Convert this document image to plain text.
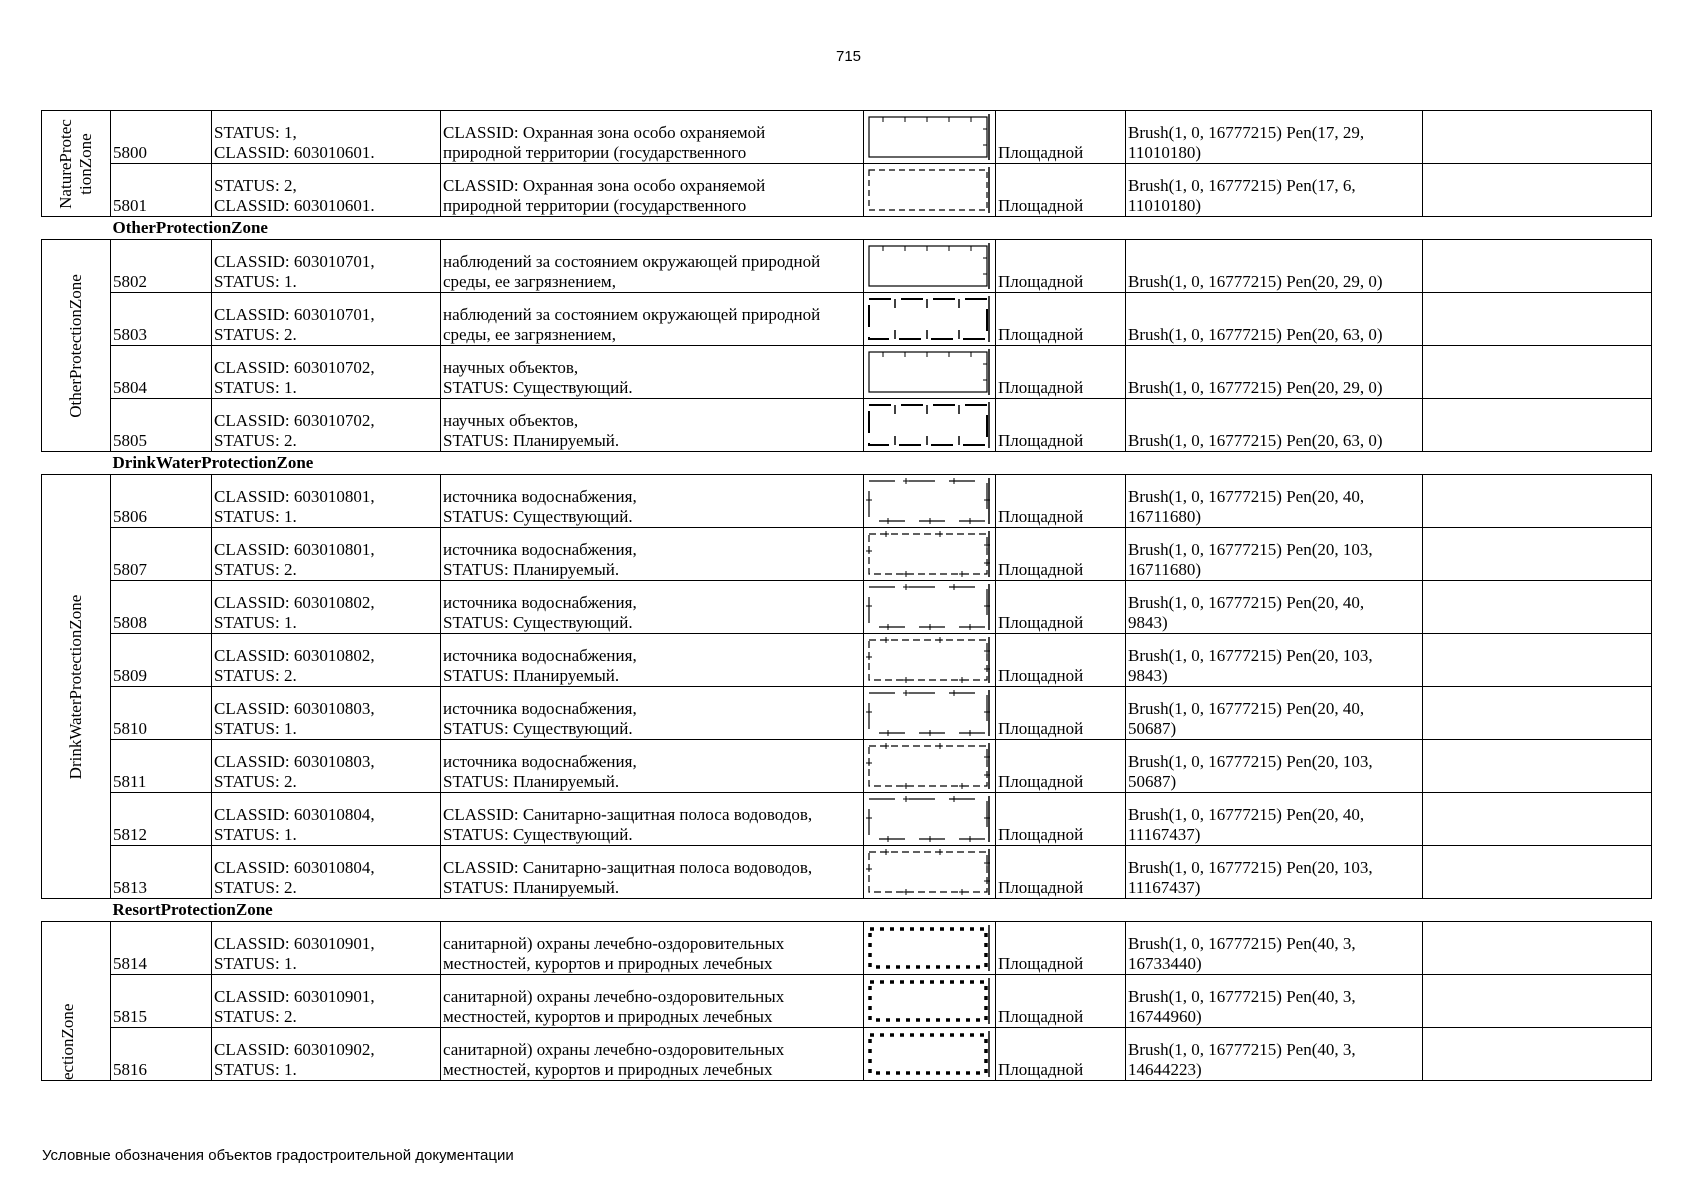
715
NatureProtec tionZone	5800	STATUS: 1,
CLASSID: 603010601.	CLASSID: Охранная зона особо охраняемой
природной территории (государственного		Площадной	Brush(1, 0, 16777215) Pen(17, 29,
11010180)	

	5801	STATUS: 2,
CLASSID: 603010601.	CLASSID: Охранная зона особо охраняемой
природной территории (государственного		Площадной	Brush(1, 0, 16777215) Pen(17, 6,
11010180)	

	OtherProtectionZone						

OtherProtectionZone	5802	CLASSID: 603010701,
STATUS: 1.	наблюдений за состоянием окружающей природной
среды, ее загрязнением,		Площадной	Brush(1, 0, 16777215) Pen(20, 29, 0)	

	5803	CLASSID: 603010701,
STATUS: 2.	наблюдений за состоянием окружающей природной
среды, ее загрязнением,		Площадной	Brush(1, 0, 16777215) Pen(20, 63, 0)	

	5804	CLASSID: 603010702,
STATUS: 1.	научных объектов,
STATUS: Существующий.		Площадной	Brush(1, 0, 16777215) Pen(20, 29, 0)	

	5805	CLASSID: 603010702,
STATUS: 2.	научных объектов,
STATUS: Планируемый.		Площадной	Brush(1, 0, 16777215) Pen(20, 63, 0)	

	DrinkWaterProtectionZone						

DrinkWaterProtectionZone	5806	CLASSID: 603010801,
STATUS: 1.	источника водоснабжения,
STATUS: Существующий.		Площадной	Brush(1, 0, 16777215) Pen(20, 40,
16711680)	

	5807	CLASSID: 603010801,
STATUS: 2.	источника водоснабжения,
STATUS: Планируемый.		Площадной	Brush(1, 0, 16777215) Pen(20, 103,
16711680)	

	5808	CLASSID: 603010802,
STATUS: 1.	источника водоснабжения,
STATUS: Существующий.		Площадной	Brush(1, 0, 16777215) Pen(20, 40,
9843)	

	5809	CLASSID: 603010802,
STATUS: 2.	источника водоснабжения,
STATUS: Планируемый.		Площадной	Brush(1, 0, 16777215) Pen(20, 103,
9843)	

	5810	CLASSID: 603010803,
STATUS: 1.	источника водоснабжения,
STATUS: Существующий.		Площадной	Brush(1, 0, 16777215) Pen(20, 40,
50687)	

	5811	CLASSID: 603010803,
STATUS: 2.	источника водоснабжения,
STATUS: Планируемый.		Площадной	Brush(1, 0, 16777215) Pen(20, 103,
50687)	

	5812	CLASSID: 603010804,
STATUS: 1.	CLASSID: Санитарно-защитная полоса водоводов,
STATUS: Существующий.		Площадной	Brush(1, 0, 16777215) Pen(20, 40,
11167437)	

	5813	CLASSID: 603010804,
STATUS: 2.	CLASSID: Санитарно-защитная полоса водоводов,
STATUS: Планируемый.		Площадной	Brush(1, 0, 16777215) Pen(20, 103,
11167437)	

	ResortProtectionZone						

ectionZone	5814	CLASSID: 603010901,
STATUS: 1.	санитарной) охраны лечебно-оздоровительных
местностей, курортов и природных лечебных		Площадной	Brush(1, 0, 16777215) Pen(40, 3,
16733440)	

	5815	CLASSID: 603010901,
STATUS: 2.	санитарной) охраны лечебно-оздоровительных
местностей, курортов и природных лечебных		Площадной	Brush(1, 0, 16777215) Pen(40, 3,
16744960)	

	5816	CLASSID: 603010902,
STATUS: 1.	санитарной) охраны лечебно-оздоровительных
местностей, курортов и природных лечебных		Площадной	Brush(1, 0, 16777215) Pen(40, 3,
14644223)	

Условные обозначения объектов градостроительной документации
